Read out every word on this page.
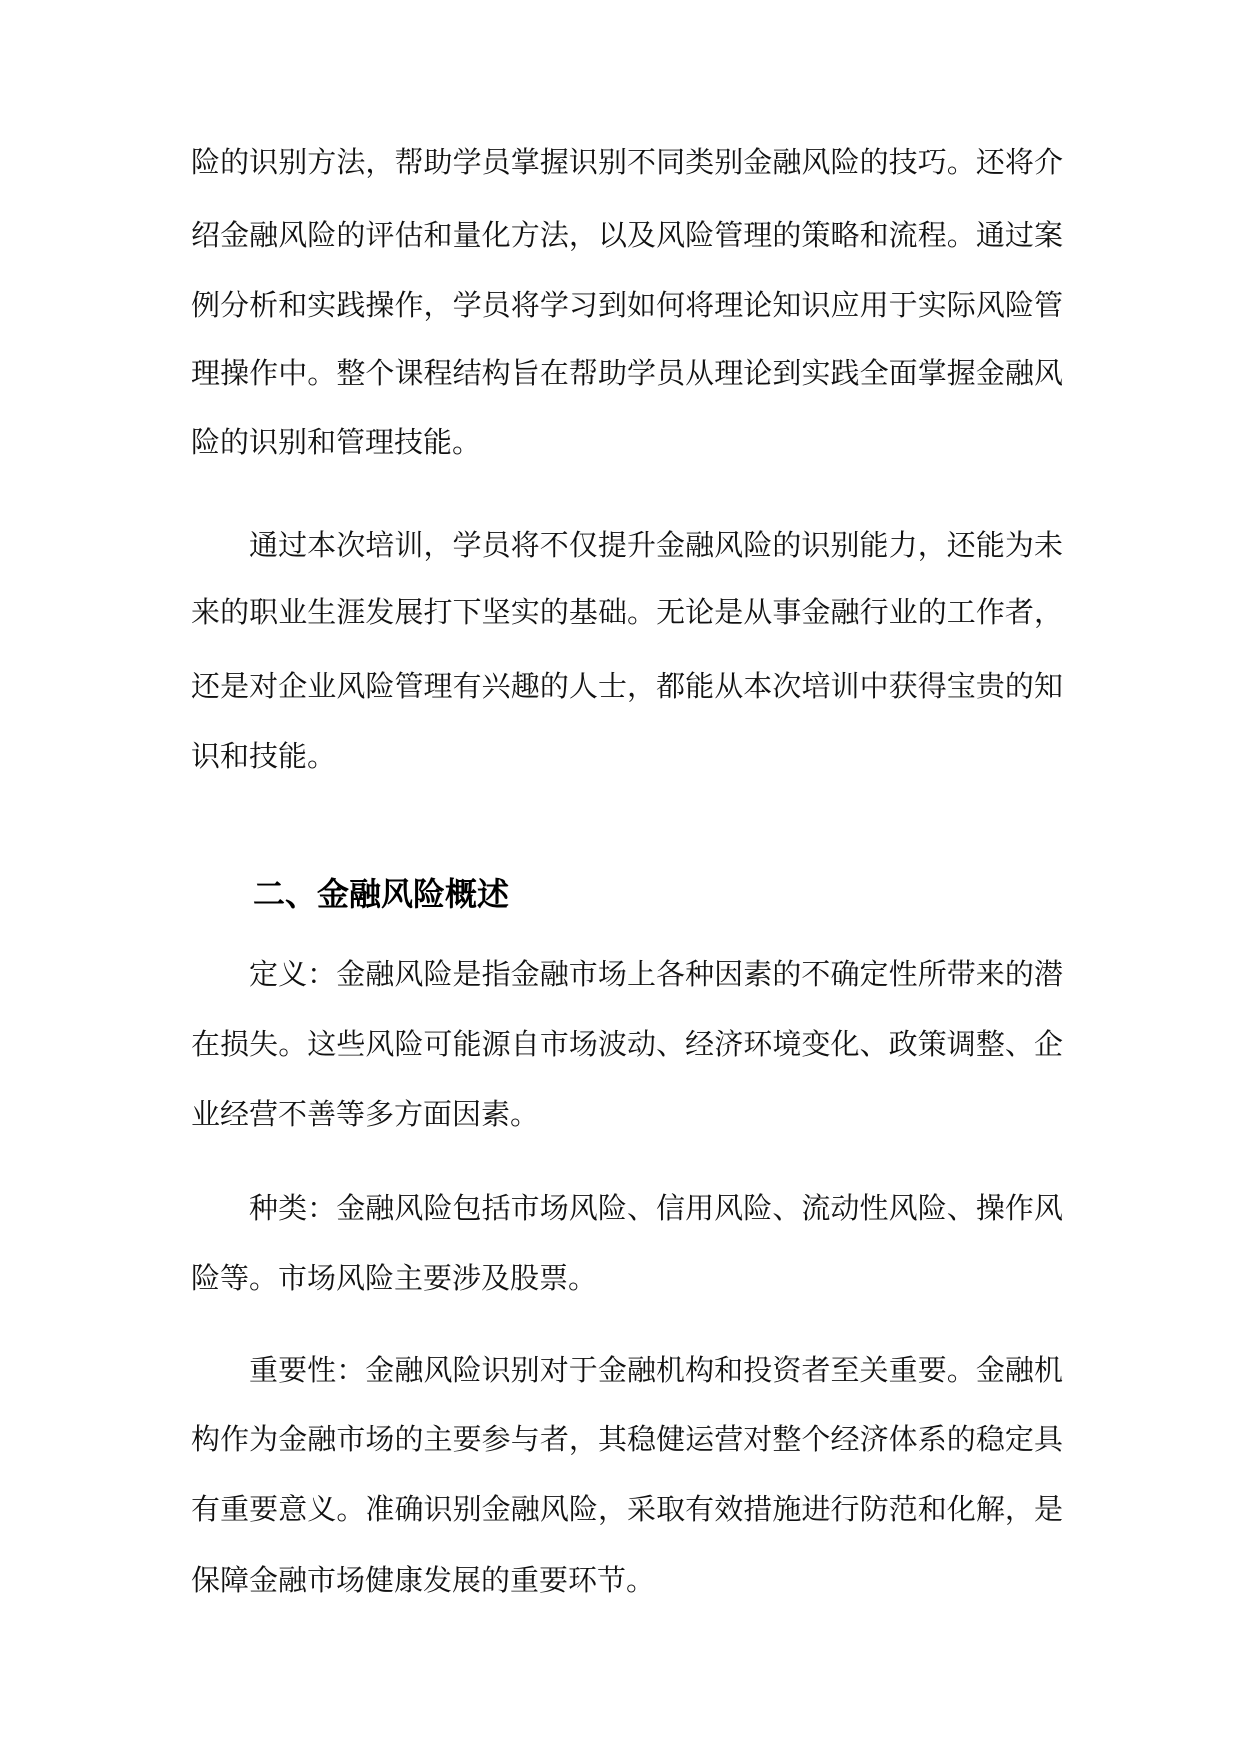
险的识别方法，帮助学员掌握识别不同类别金融风险的技巧。还将介
绍金融风险的评估和量化方法，以及风险管理的策略和流程。通过案
例分析和实践操作，学员将学习到如何将理论知识应用于实际风险管
理操作中。整个课程结构旨在帮助学员从理论到实践全面掌握金融风
险的识别和管理技能。
通过本次培训，学员将不仅提升金融风险的识别能力，还能为未
来的职业生涯发展打下坚实的基础。无论是从事金融行业的工作者，
还是对企业风险管理有兴趣的人士，都能从本次培训中获得宝贵的知
识和技能。
二、金融风险概述
定义：金融风险是指金融市场上各种因素的不确定性所带来的潜
在损失。这些风险可能源自市场波动、经济环境变化、政策调整、企
业经营不善等多方面因素。
种类：金融风险包括市场风险、信用风险、流动性风险、操作风
险等。市场风险主要涉及股票。
重要性：金融风险识别对于金融机构和投资者至关重要。金融机
构作为金融市场的主要参与者，其稳健运营对整个经济体系的稳定具
有重要意义。准确识别金融风险，采取有效措施进行防范和化解，是
保障金融市场健康发展的重要环节。
